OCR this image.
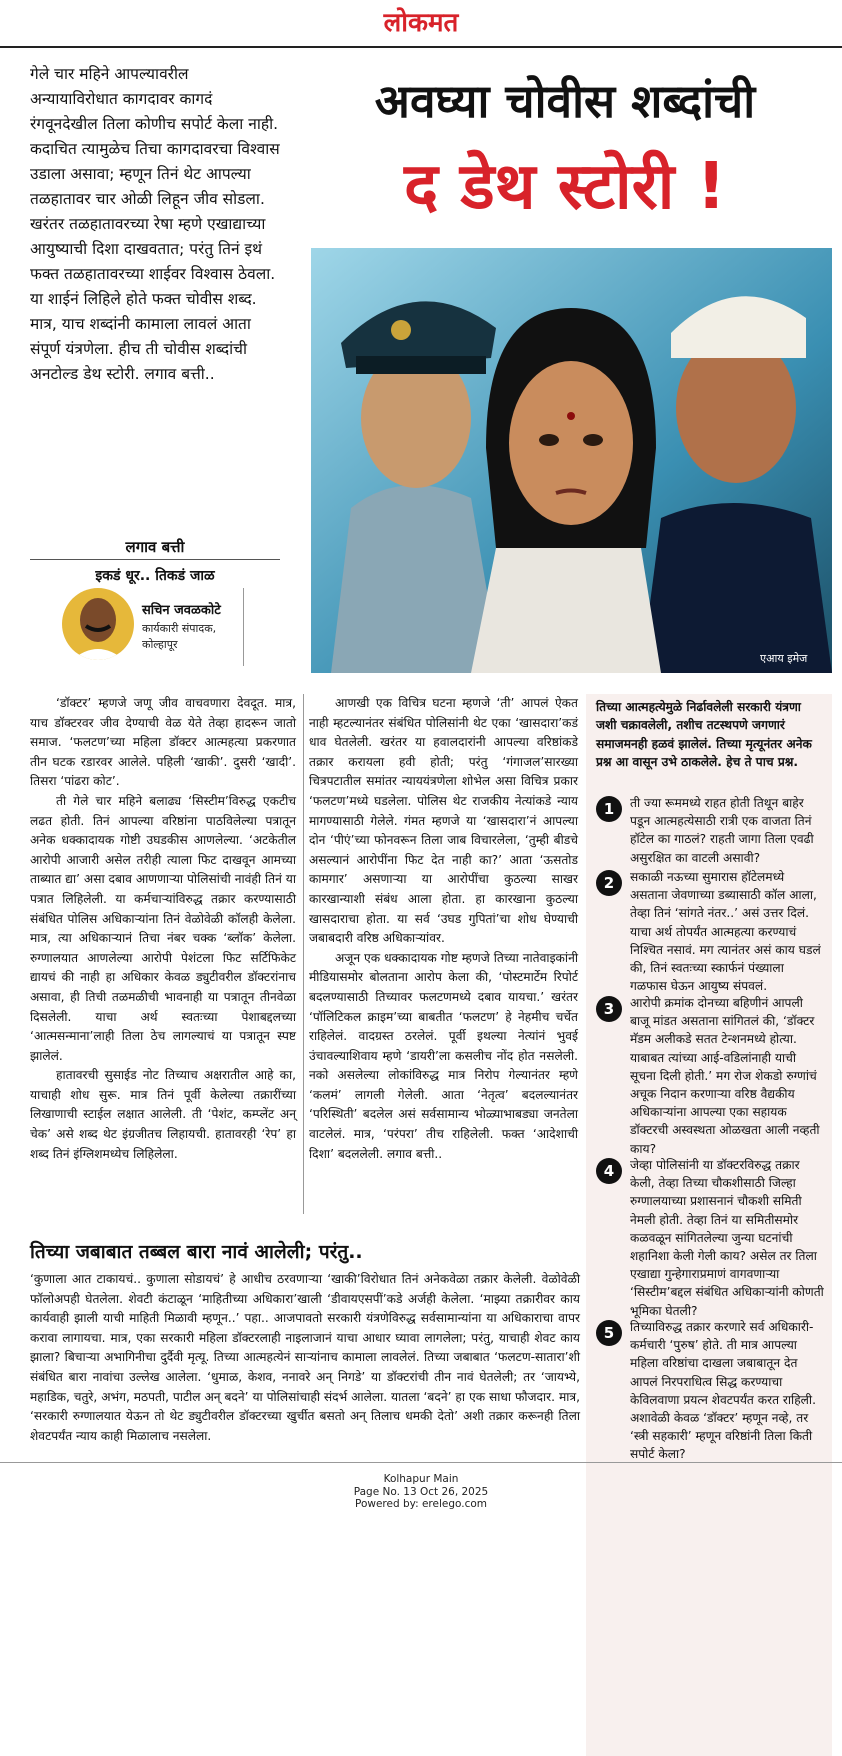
लोकमत
गेले चार महिने आपल्यावरील अन्यायाविरोधात कागदावर कागदं रंगवूनदेखील तिला कोणीच सपोर्ट केला नाही. कदाचित त्यामुळेच तिचा कागदावरचा विश्वास उडाला असावा; म्हणून तिनं थेट आपल्या तळहातावर चार ओळी लिहून जीव सोडला. खरंतर तळहातावरच्या रेषा म्हणे एखाद्याच्या आयुष्याची दिशा दाखवतात; परंतु तिनं इथं फक्त तळहातावरच्या शाईवर विश्वास ठेवला. या शाईनं लिहिले होते फक्त चोवीस शब्द. मात्र, याच शब्दांनी कामाला लावलं आता संपूर्ण यंत्रणेला. हीच ती चोवीस शब्दांची अनटोल्ड डेथ स्टोरी. लगाव बत्ती..
अवघ्या चोवीस शब्दांची
द डेथ स्टोरी !
एआय इमेज
लगाव बत्ती
इकडं धूर.. तिकडं जाळ
सचिन जवळकोटे
कार्यकारी संपादक,
कोल्हापूर

‘डॉक्टर’ म्हणजे जणू जीव वाचवणारा देवदूत. मात्र, याच डॉक्टरवर जीव देण्याची वेळ येते तेव्हा हादरून जातो समाज. ‘फलटण’च्या महिला डॉक्टर आत्महत्या प्रकरणात तीन घटक रडारवर आलेले. पहिली ‘खाकी’. दुसरी ‘खादी’. तिसरा ‘पांढरा कोट’.

ती गेले चार महिने बलाढ्य ‘सिस्टीम’विरुद्ध एकटीच लढत होती. तिनं आपल्या वरिष्ठांना पाठविलेल्या पत्रातून अनेक धक्कादायक गोष्टी उघडकीस आणलेल्या. ‘अटकेतील आरोपी आजारी असेल तरीही त्याला फिट दाखवून आमच्या ताब्यात द्या’ असा दबाव आणणाऱ्या पोलिसांची नावंही तिनं या पत्रात लिहिलेली. या कर्मचाऱ्यांविरुद्ध तक्रार करण्यासाठी संबंधित पोलिस अधिकाऱ्यांना तिनं वेळोवेळी कॉलही केलेला. मात्र, त्या अधिकाऱ्यानं तिचा नंबर चक्क ‘ब्लॉक’ केलेला. रुग्णालयात आणलेल्या आरोपी पेशंटला फिट सर्टिफिकेट द्यायचं की नाही हा अधिकार केवळ ड्युटीवरील डॉक्टरांनाच असावा, ही तिची तळमळीची भावनाही या पत्रातून तीनवेळा दिसलेली. याचा अर्थ स्वतःच्या पेशाबद्दलच्या ‘आत्मसन्माना’लाही तिला ठेच लागल्याचं या पत्रातून स्पष्ट झालेलं.

हातावरची सुसाईड नोट तिच्याच अक्षरातील आहे का, याचाही शोध सुरू. मात्र तिनं पूर्वी केलेल्या तक्रारींच्या लिखाणाची स्टाईल लक्षात आलेली. ती ‘पेशंट, कम्प्लेंट अन् चेक’ असे शब्द थेट इंग्रजीतच लिहायची. हातावरही ‘रेप’ हा शब्द तिनं इंग्लिशमध्येच लिहिलेला.

आणखी एक विचित्र घटना म्हणजे ‘ती’ आपलं ऐकत नाही म्हटल्यानंतर संबंधित पोलिसांनी थेट एका ‘खासदारा’कडं धाव घेतलेली. खरंतर या हवालदारांनी आपल्या वरिष्ठांकडे तक्रार करायला हवी होती; परंतु ‘गंगाजल’सारख्या चित्रपटातील समांतर न्याययंत्रणेला शोभेल असा विचित्र प्रकार ‘फलटण’मध्ये घडलेला. पोलिस थेट राजकीय नेत्यांकडे न्याय मागण्यासाठी गेलेले. गंमत म्हणजे या ‘खासदारा’नं आपल्या दोन ‘पीएं’च्या फोनवरून तिला जाब विचारलेला, ‘तुम्ही बीडचे असल्यानं आरोपींना फिट देत नाही का?’ आता ‘ऊसतोड कामगार’ असणाऱ्या या आरोपींचा कुठल्या साखर कारखान्याशी संबंध आला होता. हा कारखाना कुठल्या खासदाराचा होता. या सर्व ‘उघड गुपितां’चा शोध घेण्याची जबाबदारी वरिष्ठ अधिकाऱ्यांवर.

अजून एक धक्कादायक गोष्ट म्हणजे तिच्या नातेवाइकांनी मीडियासमोर बोलताना आरोप केला की, ‘पोस्टमार्टेम रिपोर्ट बदलण्यासाठी तिच्यावर फलटणमध्ये दबाव यायचा.’ खरंतर ‘पॉलिटिकल क्राइम’च्या बाबतीत ‘फलटण’ हे नेहमीच चर्चेत राहिलेलं. वादग्रस्त ठरलेलं. पूर्वी इथल्या नेत्यांनं भुवई उंचावल्याशिवाय म्हणे ‘डायरी’ला कसलीच नोंद होत नसलेली. नको असलेल्या लोकांविरुद्ध मात्र निरोप गेल्यानंतर म्हणे ‘कलमं’ लागली गेलेली. आता ‘नेतृत्व’ बदलल्यानंतर ‘परिस्थिती’ बदलेल असं सर्वसामान्य भोळ्याभाबड्या जनतेला वाटलेलं. मात्र, ‘परंपरा’ तीच राहिलेली. फक्त ‘आदेशाची दिशा’ बदललेली. लगाव बत्ती..

तिच्या जबाबात तब्बल बारा नावं आलेली; परंतु..
‘कुणाला आत टाकायचं.. कुणाला सोडायचं’ हे आधीच ठरवणाऱ्या ‘खाकी’विरोधात तिनं अनेकवेळा तक्रार केलेली. वेळोवेळी फॉलोअपही घेतलेला. शेवटी कंटाळून ‘माहितीच्या अधिकारा’खाली ‘डीवायएसपीं’कडे अर्जही केलेला. ‘माझ्या तक्रारीवर काय कार्यवाही झाली याची माहिती मिळावी म्हणून..’ पहा.. आजपावतो सरकारी यंत्रणेविरुद्ध सर्वसामान्यांना या अधिकाराचा वापर करावा लागायचा. मात्र, एका सरकारी महिला डॉक्टरलाही नाइलाजानं याचा आधार घ्यावा लागलेला; परंतु, याचाही शेवट काय झाला? बिचाऱ्या अभागिनीचा दुर्दैवी मृत्यू. तिच्या आत्महत्येनं साऱ्यांनाच कामाला लावलेलं. तिच्या जबाबात ‘फलटण-सातारा’शी संबंधित बारा नावांचा उल्लेख आलेला. ‘धुमाळ, केशव, ननावरे अन् निगडे’ या डॉक्टरांची तीन नावं घेतलेली; तर ‘जायभ्ये, महाडिक, चतुरे, अभंग, मठपती, पाटील अन् बदने’ या पोलिसांचाही संदर्भ आलेला. यातला ‘बदने’ हा एक साधा फौजदार. मात्र, ‘सरकारी रुग्णालयात येऊन तो थेट ड्युटीवरील डॉक्टरच्या खुर्चीत बसतो अन् तिलाच धमकी देतो’ अशी तक्रार करूनही तिला शेवटपर्यंत न्याय काही मिळालाच नसलेला.
तिच्या आत्महत्येमुळे निर्ढावलेली सरकारी यंत्रणा जशी चक्रावलेली, तशीच तटस्थपणे जगणारं समाजमनही हळवं झालेलं. तिच्या मृत्यूनंतर अनेक प्रश्न आ वासून उभे ठाकलेले. हेच ते पाच प्रश्न.
1	ती ज्या रूममध्ये राहत होती तिथून बाहेर पडून आत्महत्येसाठी रात्री एक वाजता तिनं हॉटेल का गाठलं? राहती जागा तिला एवढी असुरक्षित का वाटली असावी?
2	सकाळी नऊच्या सुमारास हॉटेलमध्ये असताना जेवणाच्या डब्यासाठी कॉल आला, तेव्हा तिनं ‘सांगते नंतर..’ असं उत्तर दिलं. याचा अर्थ तोपर्यंत आत्महत्या करण्याचं निश्चित नसावं. मग त्यानंतर असं काय घडलं की, तिनं स्वतःच्या स्कार्फनं पंख्याला गळफास घेऊन आयुष्य संपवलं.
3	आरोपी क्रमांक दोनच्या बहिणीनं आपली बाजू मांडत असताना सांगितलं की, ‘डॉक्टर मॅडम अलीकडे सतत टेन्शनमध्ये होत्या. याबाबत त्यांच्या आई-वडिलांनाही याची सूचना दिली होती.’ मग रोज शेकडो रुग्णांचं अचूक निदान करणाऱ्या वरिष्ठ वैद्यकीय अधिकाऱ्यांना आपल्या एका सहायक डॉक्टरची अस्वस्थता ओळखता आली नव्हती काय?
4	जेव्हा पोलिसांनी या डॉक्टरविरुद्ध तक्रार केली, तेव्हा तिच्या चौकशीसाठी जिल्हा रुग्णालयाच्या प्रशासनानं चौकशी समिती नेमली होती. तेव्हा तिनं या समितीसमोर कळवळून सांगितलेल्या जुन्या घटनांची शहानिशा केली गेली काय? असेल तर तिला एखाद्या गुन्हेगाराप्रमाणं वागवणाऱ्या ‘सिस्टीम’बद्दल संबंधित अधिकाऱ्यांनी कोणती भूमिका घेतली?
5	तिच्याविरुद्ध तक्रार करणारे सर्व अधिकारी-कर्मचारी ‘पुरुष’ होते. ती मात्र आपल्या महिला वरिष्ठांचा दाखला जबाबातून देत आपलं निरपराधित्व सिद्ध करण्याचा केविलवाणा प्रयत्न शेवटपर्यंत करत राहिली. अशावेळी केवळ ‘डॉक्टर’ म्हणून नव्हे, तर ‘स्त्री सहकारी’ म्हणून वरिष्ठांनी तिला किती सपोर्ट केला?
Kolhapur Main
Page No. 13 Oct 26, 2025
Powered by: erelego.com
